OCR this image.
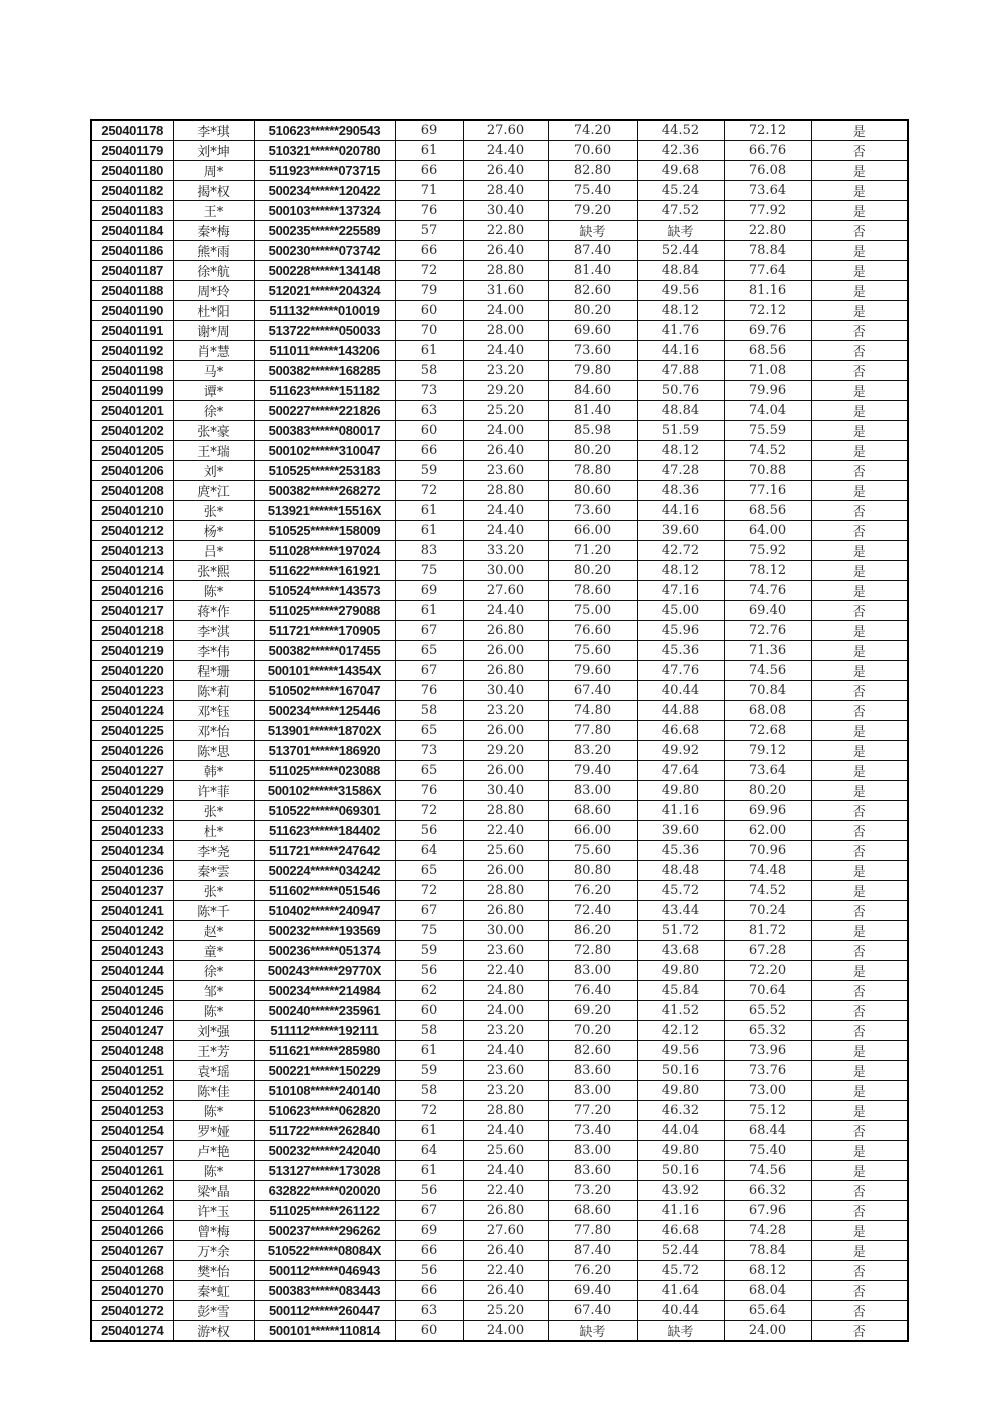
250401178	李*琪	510623******290543	69	27.60	74.20	44.52	72.12	是
250401179	刘*坤	510321******020780	61	24.40	70.60	42.36	66.76	否
250401180	周*	511923******073715	66	26.40	82.80	49.68	76.08	是
250401182	揭*权	500234******120422	71	28.40	75.40	45.24	73.64	是
250401183	王*	500103******137324	76	30.40	79.20	47.52	77.92	是
250401184	秦*梅	500235******225589	57	22.80	缺考	缺考	22.80	否
250401186	熊*雨	500230******073742	66	26.40	87.40	52.44	78.84	是
250401187	徐*航	500228******134148	72	28.80	81.40	48.84	77.64	是
250401188	周*玲	512021******204324	79	31.60	82.60	49.56	81.16	是
250401190	杜*阳	511132******010019	60	24.00	80.20	48.12	72.12	是
250401191	谢*周	513722******050033	70	28.00	69.60	41.76	69.76	否
250401192	肖*慧	511011******143206	61	24.40	73.60	44.16	68.56	否
250401198	马*	500382******168285	58	23.20	79.80	47.88	71.08	否
250401199	谭*	511623******151182	73	29.20	84.60	50.76	79.96	是
250401201	徐*	500227******221826	63	25.20	81.40	48.84	74.04	是
250401202	张*豪	500383******080017	60	24.00	85.98	51.59	75.59	是
250401205	王*瑞	500102******310047	66	26.40	80.20	48.12	74.52	是
250401206	刘*	510525******253183	59	23.60	78.80	47.28	70.88	否
250401208	庹*江	500382******268272	72	28.80	80.60	48.36	77.16	是
250401210	张*	513921******15516X	61	24.40	73.60	44.16	68.56	否
250401212	杨*	510525******158009	61	24.40	66.00	39.60	64.00	否
250401213	吕*	511028******197024	83	33.20	71.20	42.72	75.92	是
250401214	张*熙	511622******161921	75	30.00	80.20	48.12	78.12	是
250401216	陈*	510524******143573	69	27.60	78.60	47.16	74.76	是
250401217	蒋*作	511025******279088	61	24.40	75.00	45.00	69.40	否
250401218	李*淇	511721******170905	67	26.80	76.60	45.96	72.76	是
250401219	李*伟	500382******017455	65	26.00	75.60	45.36	71.36	是
250401220	程*珊	500101******14354X	67	26.80	79.60	47.76	74.56	是
250401223	陈*莉	510502******167047	76	30.40	67.40	40.44	70.84	否
250401224	邓*钰	500234******125446	58	23.20	74.80	44.88	68.08	否
250401225	邓*怡	513901******18702X	65	26.00	77.80	46.68	72.68	是
250401226	陈*思	513701******186920	73	29.20	83.20	49.92	79.12	是
250401227	韩*	511025******023088	65	26.00	79.40	47.64	73.64	是
250401229	许*菲	500102******31586X	76	30.40	83.00	49.80	80.20	是
250401232	张*	510522******069301	72	28.80	68.60	41.16	69.96	否
250401233	杜*	511623******184402	56	22.40	66.00	39.60	62.00	否
250401234	李*尧	511721******247642	64	25.60	75.60	45.36	70.96	否
250401236	秦*雲	500224******034242	65	26.00	80.80	48.48	74.48	是
250401237	张*	511602******051546	72	28.80	76.20	45.72	74.52	是
250401241	陈*千	510402******240947	67	26.80	72.40	43.44	70.24	否
250401242	赵*	500232******193569	75	30.00	86.20	51.72	81.72	是
250401243	童*	500236******051374	59	23.60	72.80	43.68	67.28	否
250401244	徐*	500243******29770X	56	22.40	83.00	49.80	72.20	是
250401245	邹*	500234******214984	62	24.80	76.40	45.84	70.64	否
250401246	陈*	500240******235961	60	24.00	69.20	41.52	65.52	否
250401247	刘*强	511112******192111	58	23.20	70.20	42.12	65.32	否
250401248	王*芳	511621******285980	61	24.40	82.60	49.56	73.96	是
250401251	袁*瑶	500221******150229	59	23.60	83.60	50.16	73.76	是
250401252	陈*佳	510108******240140	58	23.20	83.00	49.80	73.00	是
250401253	陈*	510623******062820	72	28.80	77.20	46.32	75.12	是
250401254	罗*娅	511722******262840	61	24.40	73.40	44.04	68.44	否
250401257	卢*艳	500232******242040	64	25.60	83.00	49.80	75.40	是
250401261	陈*	513127******173028	61	24.40	83.60	50.16	74.56	是
250401262	梁*晶	632822******020020	56	22.40	73.20	43.92	66.32	否
250401264	许*玉	511025******261122	67	26.80	68.60	41.16	67.96	否
250401266	曾*梅	500237******296262	69	27.60	77.80	46.68	74.28	是
250401267	万*余	510522******08084X	66	26.40	87.40	52.44	78.84	是
250401268	樊*怡	500112******046943	56	22.40	76.20	45.72	68.12	否
250401270	秦*虹	500383******083443	66	26.40	69.40	41.64	68.04	否
250401272	彭*雪	500112******260447	63	25.20	67.40	40.44	65.64	否
250401274	游*权	500101******110814	60	24.00	缺考	缺考	24.00	否
